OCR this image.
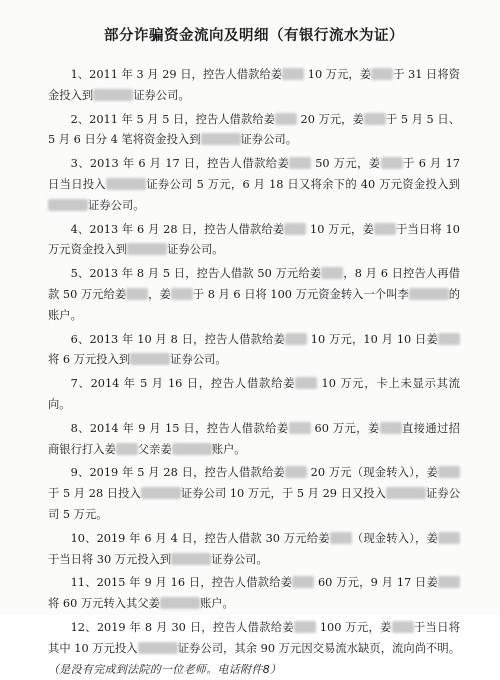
部分诈骗资金流向及明细（有银行流水为证）
1、2011 年 3 月 29 日，控告人借款给姜 10 万元，姜 于 31 日将资金投入到	证券公司。
2、2011 年 5 月 5 日，控告人借款给姜 20 万元，姜 于 5 月 5 日、5 月 6 日分 4 笔将资金投入到	证券公司。
3、2013 年 6 月 17 日，控告人借款给姜 50 万元，姜 于 6 月 17 日当日投入	证券公司 5 万元，6 月 18 日又将余下的 40 万元资金投入到证券公司。
4、2013 年 6 月 28 日，控告人借款给姜 10 万元，姜 于当日将 10 万元资金投入到	证券公司。
5、2013 年 8 月 5 日，控告人借款 50 万元给姜 ，8 月 6 日控告人再借款 50 万元给姜 ，姜 于 8 月 6 日将 100 万元资金转入一个叫李	的账户。
6、2013 年 10 月 8 日，控告人借款给姜 10 万元，10 月 10 日姜将 6 万元投入到	证券公司。
7、2014 年 5 月 16 日，控告人借款给姜 10 万元，卡上未显示其流向。
8、2014 年 9 月 15 日，控告人借款给姜 60 万元，姜 直接通过招商银行打入姜 父亲姜	账户。
9、2019 年 5 月 28 日，控告人借款给姜 20 万元（现金转入），姜于 5 月 28 日投入	证券公司 10 万元，于 5 月 29 日又投入	证券公司 5 万元。
10、2019 年 6 月 4 日，控告人借款 30 万元给姜 （现金转入），姜于当日将 30 万元投入到	证券公司。
11、2015 年 9 月 16 日，控告人借款给姜 60 万元，9 月 17 日姜将 60 万元转入其父姜	账户。
12、2019 年 8 月 30 日，控告人借款给姜 100 万元，姜 于当日将其中 10 万元投入	证券公司，其余 90 万元因交易流水缺页，流向尚不明。（是没有完成到法院的一位老师。电话附件8）
